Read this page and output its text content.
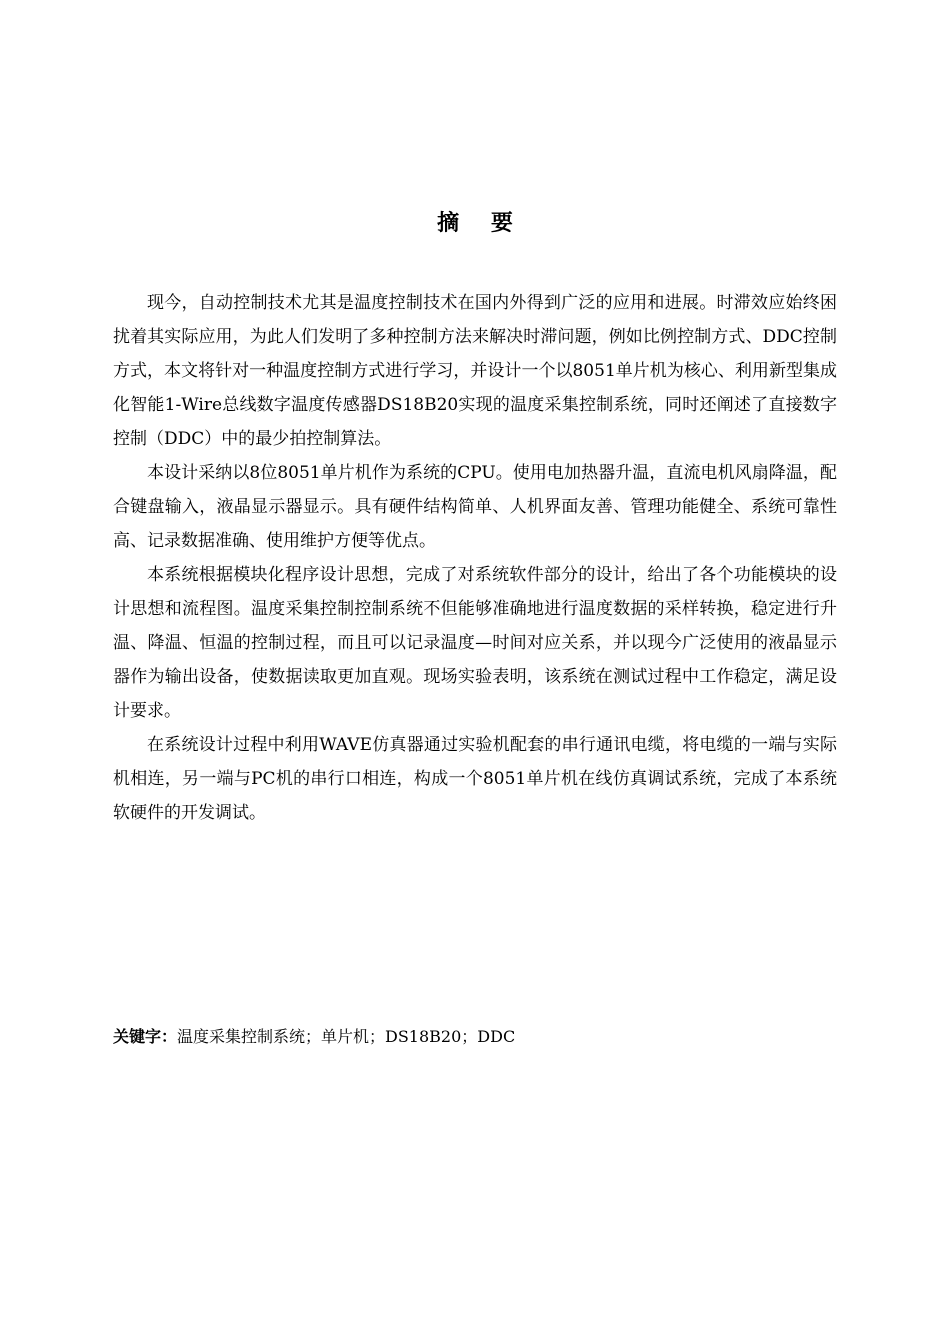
摘 要

现今，自动控制技术尤其是温度控制技术在国内外得到广泛的应用和进展。时滞效应始终困扰着其实际应用，为此人们发明了多种控制方法来解决时滞问题，例如比例控制方式、DDC控制方式，本文将针对一种温度控制方式进行学习，并设计一个以8051单片机为核心、利用新型集成化智能1-Wire总线数字温度传感器DS18B20实现的温度采集控制系统，同时还阐述了直接数字控制（DDC）中的最少拍控制算法。

本设计采纳以8位8051单片机作为系统的CPU。使用电加热器升温，直流电机风扇降温，配合键盘输入，液晶显示器显示。具有硬件结构简单、人机界面友善、管理功能健全、系统可靠性高、记录数据准确、使用维护方便等优点。

本系统根据模块化程序设计思想，完成了对系统软件部分的设计，给出了各个功能模块的设计思想和流程图。温度采集控制控制系统不但能够准确地进行温度数据的采样转换，稳定进行升温、降温、恒温的控制过程，而且可以记录温度—时间对应关系，并以现今广泛使用的液晶显示器作为输出设备，使数据读取更加直观。现场实验表明，该系统在测试过程中工作稳定，满足设计要求。

在系统设计过程中利用WAVE仿真器通过实验机配套的串行通讯电缆，将电缆的一端与实际机相连，另一端与PC机的串行口相连，构成一个8051单片机在线仿真调试系统，完成了本系统软硬件的开发调试。

关键字：温度采集控制系统；单片机；DS18B20；DDC
